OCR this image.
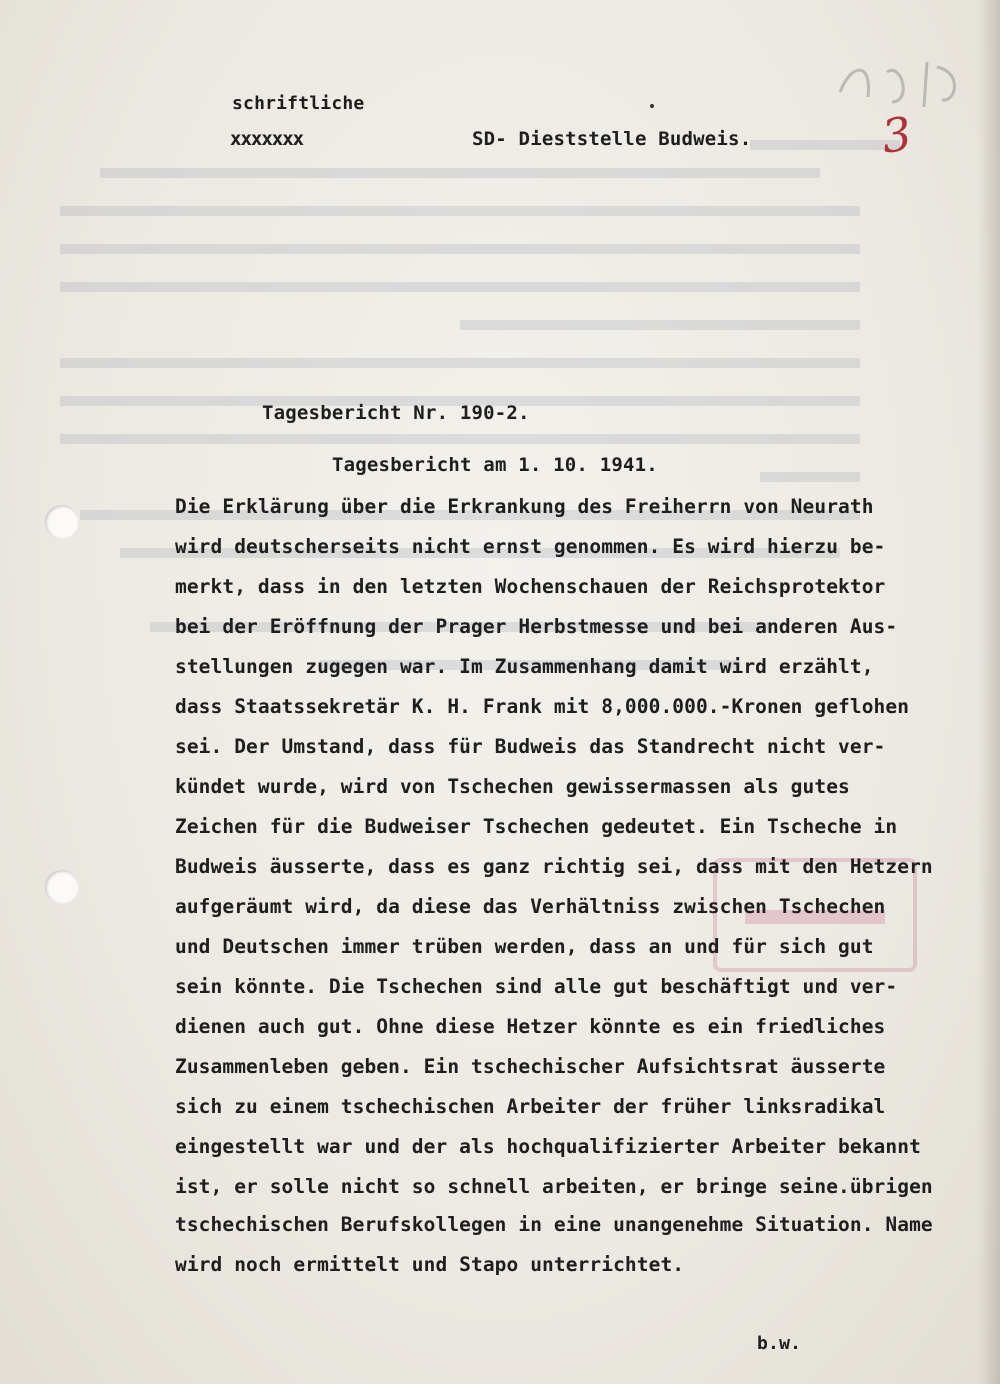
schriftliche
xxxxxxx	SD- Dieststelle Budweis.	3
Tagesbericht Nr. 190-2.
Tagesbericht am 1. 10. 1941.
Die Erklärung über die Erkrankung des Freiherrn von Neurath
wird deutscherseits nicht ernst genommen. Es wird hierzu be-
merkt, dass in den letzten Wochenschauen der Reichsprotektor
bei der Eröffnung der Prager Herbstmesse und bei anderen Aus-
stellungen zugegen war. Im Zusammenhang damit wird erzählt,
dass Staatssekretär K. H. Frank mit 8,000.000.-Kronen geflohen
sei. Der Umstand, dass für Budweis das Standrecht nicht ver-
kündet wurde, wird von Tschechen gewissermassen als gutes
Zeichen für die Budweiser Tschechen gedeutet. Ein Tscheche in
Budweis äusserte, dass es ganz richtig sei, dass mit den Hetzern
aufgeräumt wird, da diese das Verhältniss zwischen Tschechen
und Deutschen immer trüben werden, dass an und für sich gut
sein könnte. Die Tschechen sind alle gut beschäftigt und ver-
dienen auch gut. Ohne diese Hetzer könnte es ein friedliches
Zusammenleben geben. Ein tschechischer Aufsichtsrat äusserte
sich zu einem tschechischen Arbeiter der früher linksradikal
eingestellt war und der als hochqualifizierter Arbeiter bekannt
ist, er solle nicht so schnell arbeiten, er bringe seine.übrigen
tschechischen Berufskollegen in eine unangenehme Situation. Name
wird noch ermittelt und Stapo unterrichtet.
b.w.
